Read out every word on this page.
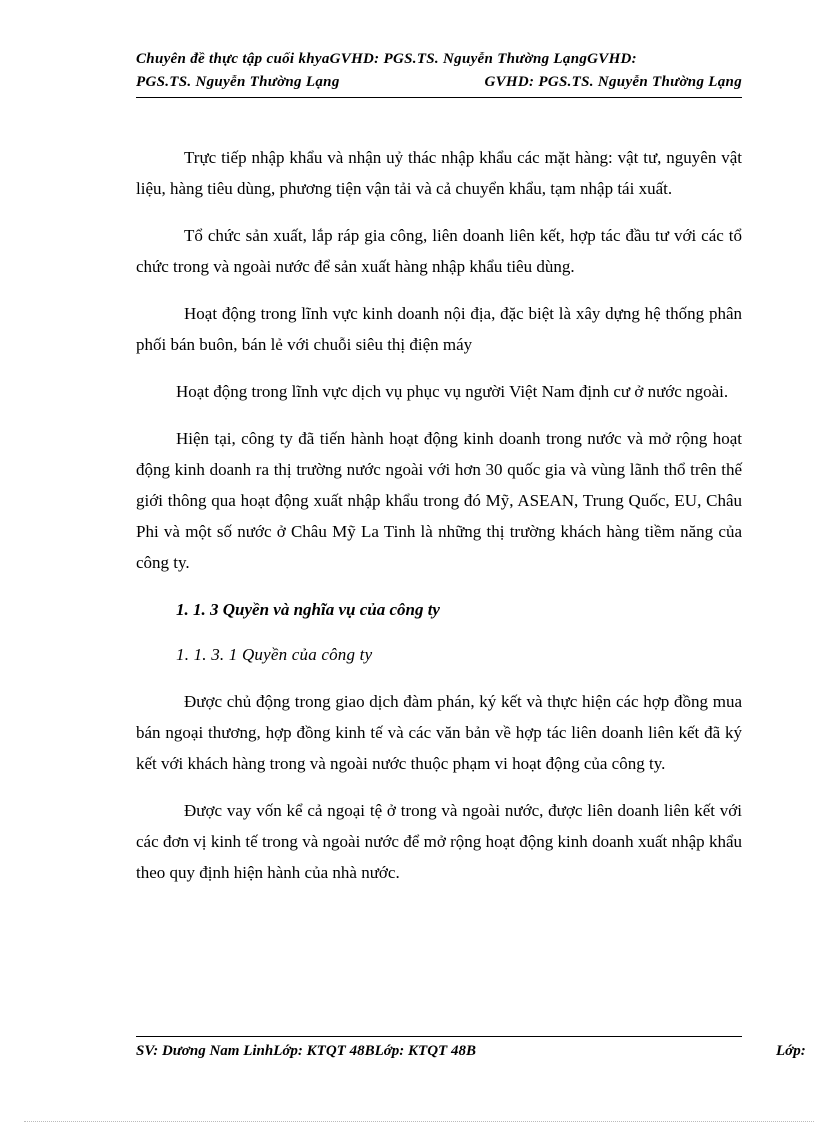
Chuyên đề thực tập cuối khyaGVHD: PGS.TS. Nguyễn Thường LạngGVHD:
PGS.TS. Nguyễn Thường Lạng	GVHD: PGS.TS. Nguyễn Thường Lạng

Trực tiếp nhập khẩu và nhận uỷ thác nhập khẩu các mặt hàng: vật tư, nguyên vật liệu, hàng tiêu dùng, phương tiện vận tải và cả chuyển khẩu, tạm nhập tái xuất.

Tổ chức sản xuất, lắp ráp gia công, liên doanh liên kết, hợp tác đầu tư với các tổ chức trong và ngoài nước để sản xuất hàng nhập khẩu tiêu dùng.

Hoạt động trong lĩnh vực kinh doanh nội địa, đặc biệt là xây dựng hệ thống phân phối bán buôn, bán lẻ với chuỗi siêu thị điện máy

Hoạt động trong lĩnh vực dịch vụ phục vụ người Việt Nam định cư ở nước ngoài.

Hiện tại, công ty đã tiến hành hoạt động kinh doanh trong nước và mở rộng hoạt động kinh doanh ra thị trường nước ngoài với hơn 30 quốc gia và vùng lãnh thổ trên thế giới thông qua hoạt động xuất nhập khẩu trong đó Mỹ, ASEAN, Trung Quốc, EU, Châu Phi và một số nước ở Châu Mỹ La Tinh là những thị trường khách hàng tiềm năng của công ty.

1. 1. 3 Quyền và nghĩa vụ của công ty

1. 1. 3. 1 Quyền của công ty

Được chủ động trong giao dịch đàm phán, ký kết và thực hiện các hợp đồng mua bán ngoại thương, hợp đồng kinh tế và các văn bản về hợp tác liên doanh liên kết đã ký kết với khách hàng trong và ngoài nước thuộc phạm vi hoạt động của công ty.

Được vay vốn kể cả ngoại tệ ở trong và ngoài nước, được liên doanh liên kết với các đơn vị kinh tế trong và ngoài nước để mở rộng hoạt động kinh doanh xuất nhập khẩu theo quy định hiện hành của nhà nước.

SV: Dương Nam LinhLớp: KTQT 48BLớp: KTQT 48B	Lớp:
